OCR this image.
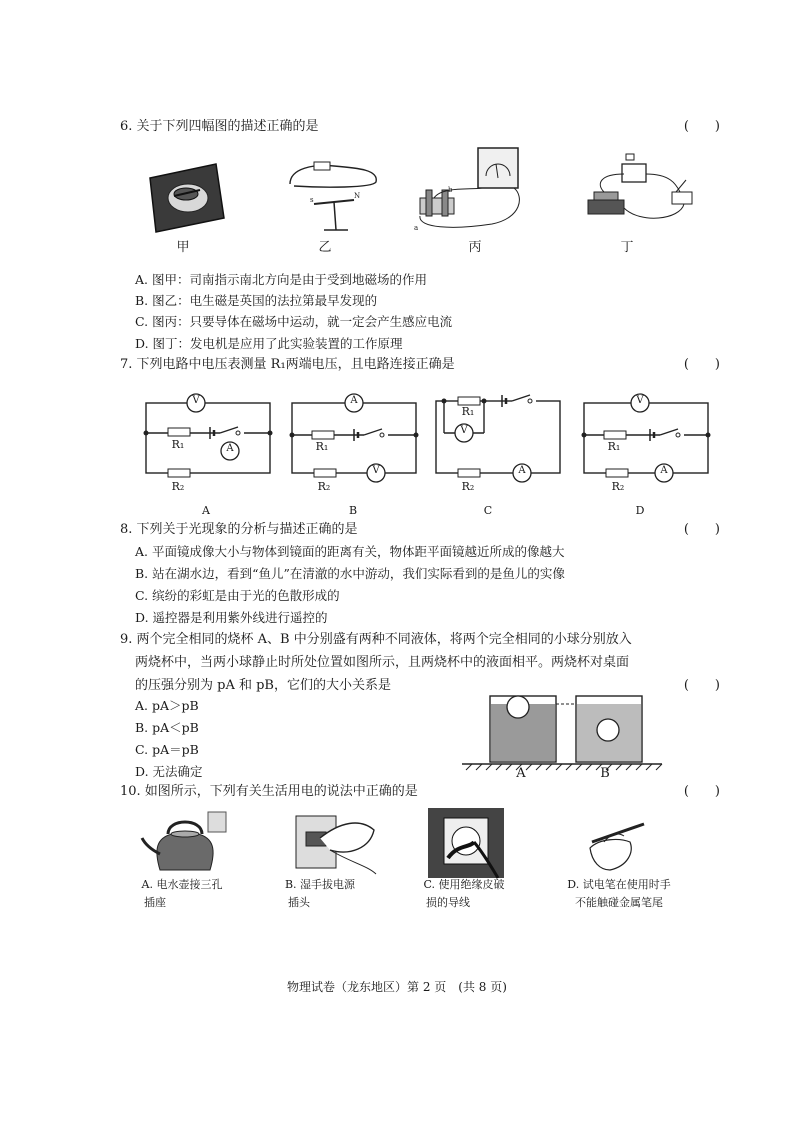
6. 关于下列四幅图的描述正确的是	(　　)
甲
s	N
乙
a
b
丙	丁
A. 图甲：司南指示南北方向是由于受到地磁场的作用
B. 图乙：电生磁是英国的法拉第最早发现的
C. 图丙：只要导体在磁场中运动，就一定会产生感应电流
D. 图丁：发电机是应用了此实验装置的工作原理
7. 下列电路中电压表测量 R₁两端电压，且电路连接正确是	(　　)
V
A
R₁
R₂
A
A
V
R₁
R₂
B
R₁
V
A
R₂
C
V
A
R₁
R₂
D
8. 下列关于光现象的分析与描述正确的是	(　　)
A. 平面镜成像大小与物体到镜面的距离有关，物体距平面镜越近所成的像越大
B. 站在湖水边，看到“鱼儿”在清澈的水中游动，我们实际看到的是鱼儿的实像
C. 缤纷的彩虹是由于光的色散形成的
D. 遥控器是利用紫外线进行遥控的
9. 两个完全相同的烧杯 A、B 中分别盛有两种不同液体，将两个完全相同的小球分别放入
两烧杯中，当两小球静止时所处位置如图所示，且两烧杯中的液面相平。两烧杯对桌面
的压强分别为 pA 和 pB，它们的大小关系是	(　　)
A. pA＞pB
B. pA＜pB
C. pA＝pB
D. 无法确定	A	B
10. 如图所示，下列有关生活用电的说法中正确的是	(　　)
A. 电水壶接三孔
插座
B. 湿手拔电源
插头
C. 使用绝缘皮破
损的导线
D. 试电笔在使用时手
不能触碰金属笔尾
物理试卷（龙东地区）第 2 页　(共 8 页)
